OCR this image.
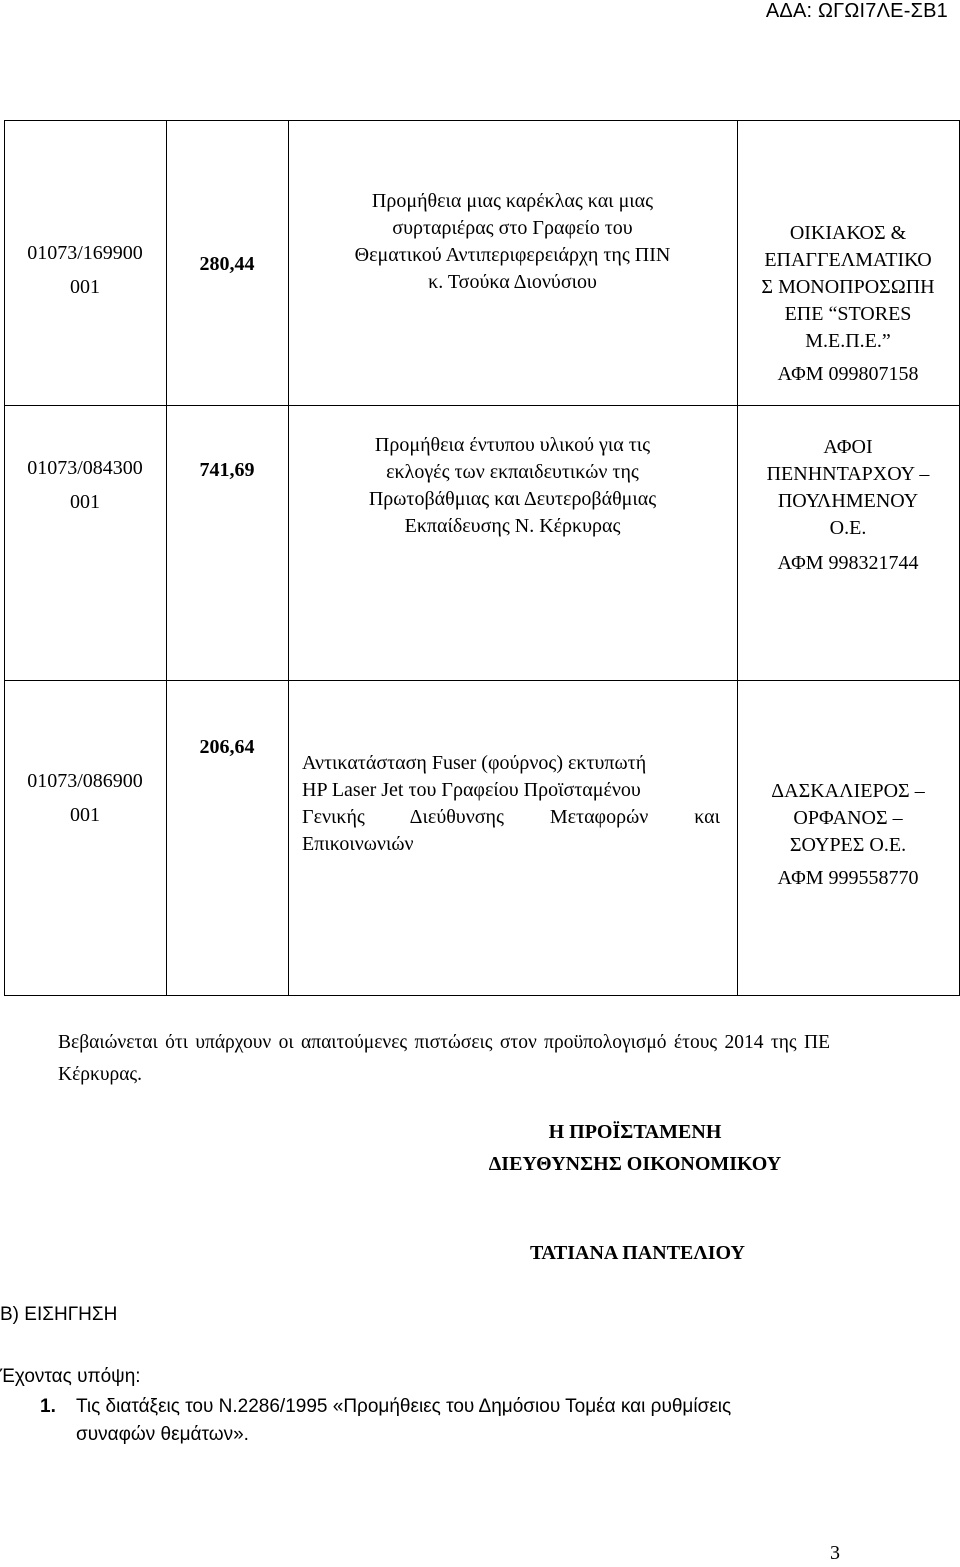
ΑΔΑ: ΩΓΩΙ7ΛΕ-ΣΒ1
01073/169900
001
280,44
Προμήθεια μιας καρέκλας και μιας
συρταριέρας στο Γραφείο του
Θεματικού Αντιπεριφερειάρχη της ΠΙΝ
κ. Τσούκα Διονύσιου
ΟΙΚΙΑΚΟΣ &
ΕΠΑΓΓΕΛΜΑΤΙΚΟ
Σ ΜΟΝΟΠΡΟΣΩΠΗ
ΕΠΕ “STORES
Μ.Ε.Π.Ε.”
ΑΦΜ 099807158
01073/084300
001
741,69
Προμήθεια έντυπου υλικού για τις
εκλογές των εκπαιδευτικών της
Πρωτοβάθμιας και Δευτεροβάθμιας
Εκπαίδευσης Ν. Κέρκυρας
ΑΦΟΙ
ΠΕΝΗΝΤΑΡΧΟΥ –
ΠΟΥΛΗΜΕΝΟΥ
Ο.Ε.
ΑΦΜ 998321744
01073/086900
001
206,64
Αντικατάσταση Fuser (φούρνος) εκτυπωτή
HP Laser Jet του Γραφείου Προϊσταμένου
Γενικής Διεύθυνσης Μεταφορών και
Επικοινωνιών
ΔΑΣΚΑΛΙΕΡΟΣ –
ΟΡΦΑΝΟΣ –
ΣΟΥΡΕΣ Ο.Ε.
ΑΦΜ 999558770
Βεβαιώνεται ότι υπάρχουν οι απαιτούμενες πιστώσεις στον προϋπολογισμό έτους 2014 της ΠΕ Κέρκυρας.
Η ΠΡΟΪΣΤΑΜΕΝΗ
ΔΙΕΥΘΥΝΣΗΣ ΟΙΚΟΝΟΜΙΚΟΥ
ΤΑΤΙΑΝΑ ΠΑΝΤΕΛΙΟΥ
Β) ΕΙΣΗΓΗΣΗ
Έχοντας υπόψη:
1. Τις διατάξεις του Ν.2286/1995 «Προμήθειες του Δημόσιου Τομέα και ρυθμίσεις
συναφών θεμάτων».
3
